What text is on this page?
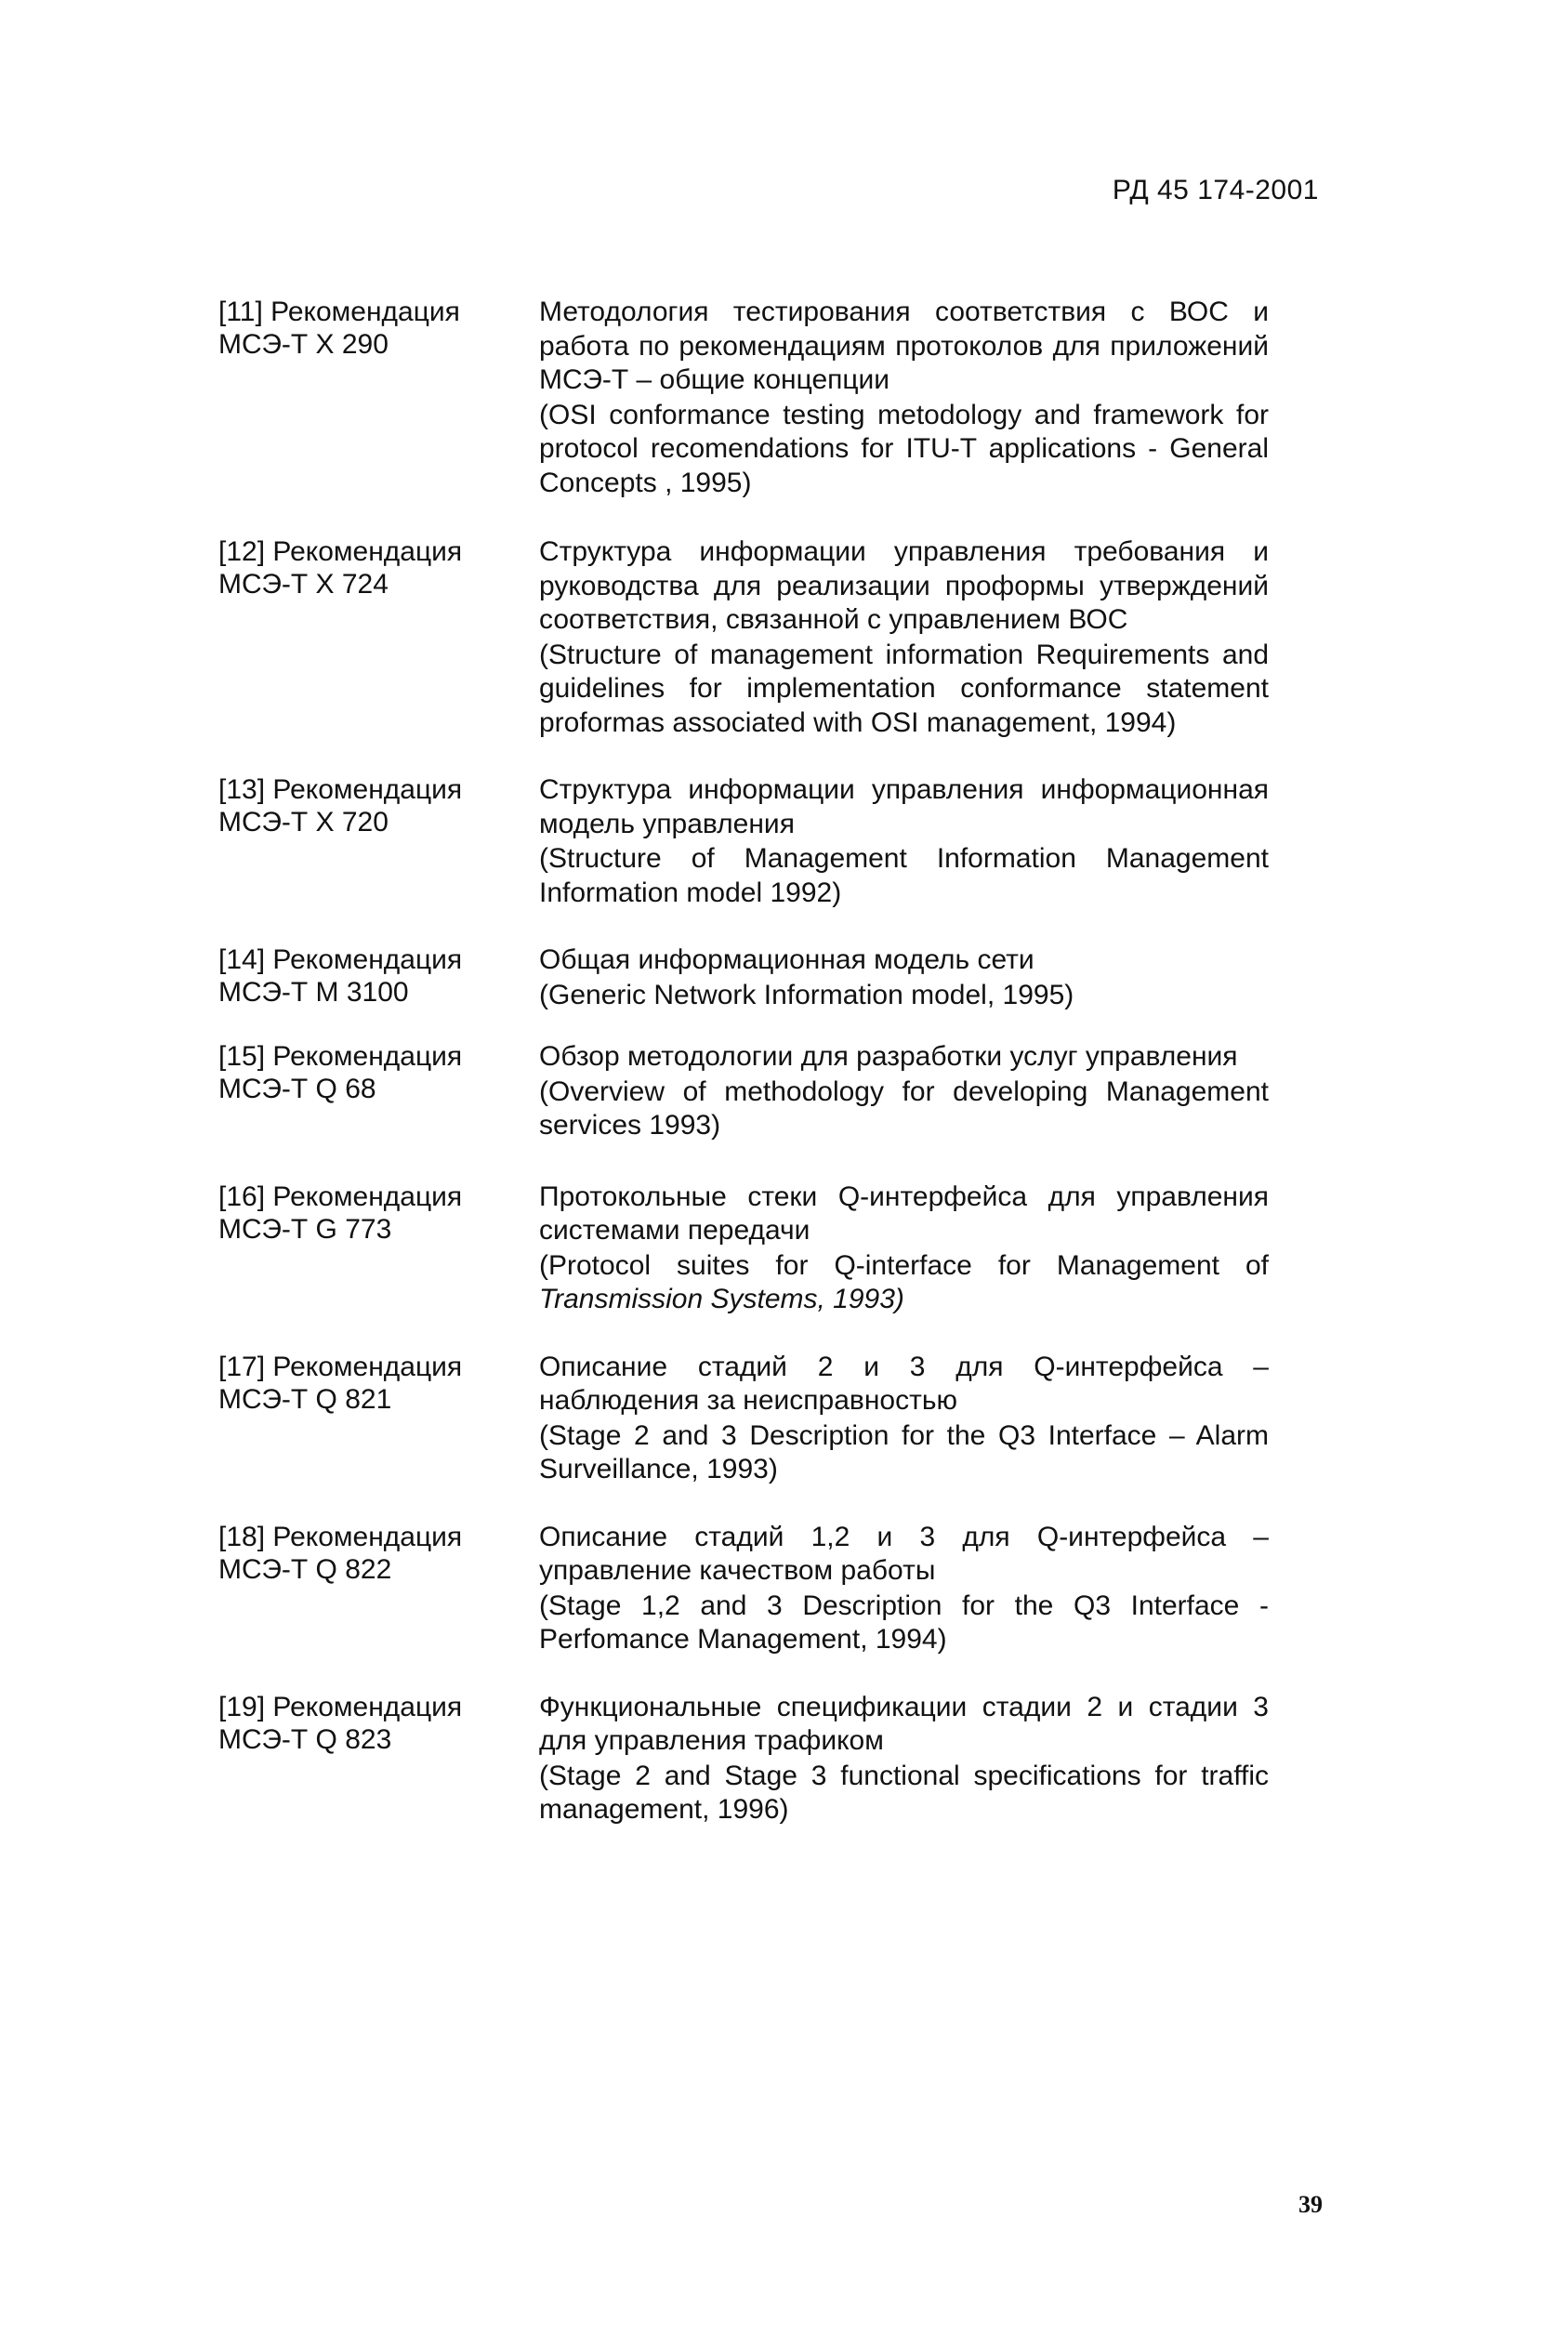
РД 45 174-2001
[11] Рекомендация
МСЭ-Т Х 290

Методология тестирования соответствия с ВОС и работа по рекомендациям протоколов для приложений МСЭ-Т – общие концепции

(OSI conformance testing metodology and framework for protocol recomendations for ITU-T applications - General Concepts , 1995)

[12] Рекомендация
МСЭ-Т Х 724

Структура информации управления требования и руководства для реализации проформы утверждений соответствия, связанной с управлением ВОС

(Structure of management information Requirements and guidelines for implementation conformance statement proformas associated with OSI management, 1994)

[13] Рекомендация
МСЭ-Т Х 720

Структура информации управления информационная модель управления

(Structure of Management Information Management Information model 1992)

[14] Рекомендация
МСЭ-Т М 3100

Общая информационная модель сети

(Generic Network Information model, 1995)

[15] Рекомендация
МСЭ-Т Q 68

Обзор методологии для разработки услуг управления

(Overview of methodology for developing Management services 1993)

[16] Рекомендация
МСЭ-Т G 773

Протокольные стеки Q-интерфейса для управления системами передачи

(Protocol suites for Q-interface for Management of Transmission Systems, 1993)

[17] Рекомендация
МСЭ-Т Q 821

Описание стадий 2 и 3 для Q-интерфейса – наблюдения за неисправностью

(Stage 2 and 3 Description for the Q3 Interface – Alarm Surveillance, 1993)

[18] Рекомендация
МСЭ-Т Q 822

Описание стадий 1,2 и 3 для Q-интерфейса – управление качеством работы

(Stage 1,2 and 3 Description for the Q3 Interface - Perfomance Management, 1994)

[19] Рекомендация
МСЭ-Т Q 823

Функциональные спецификации стадии 2 и стадии 3 для управления трафиком

(Stage 2 and Stage 3 functional specifications for traffic management, 1996)

39
